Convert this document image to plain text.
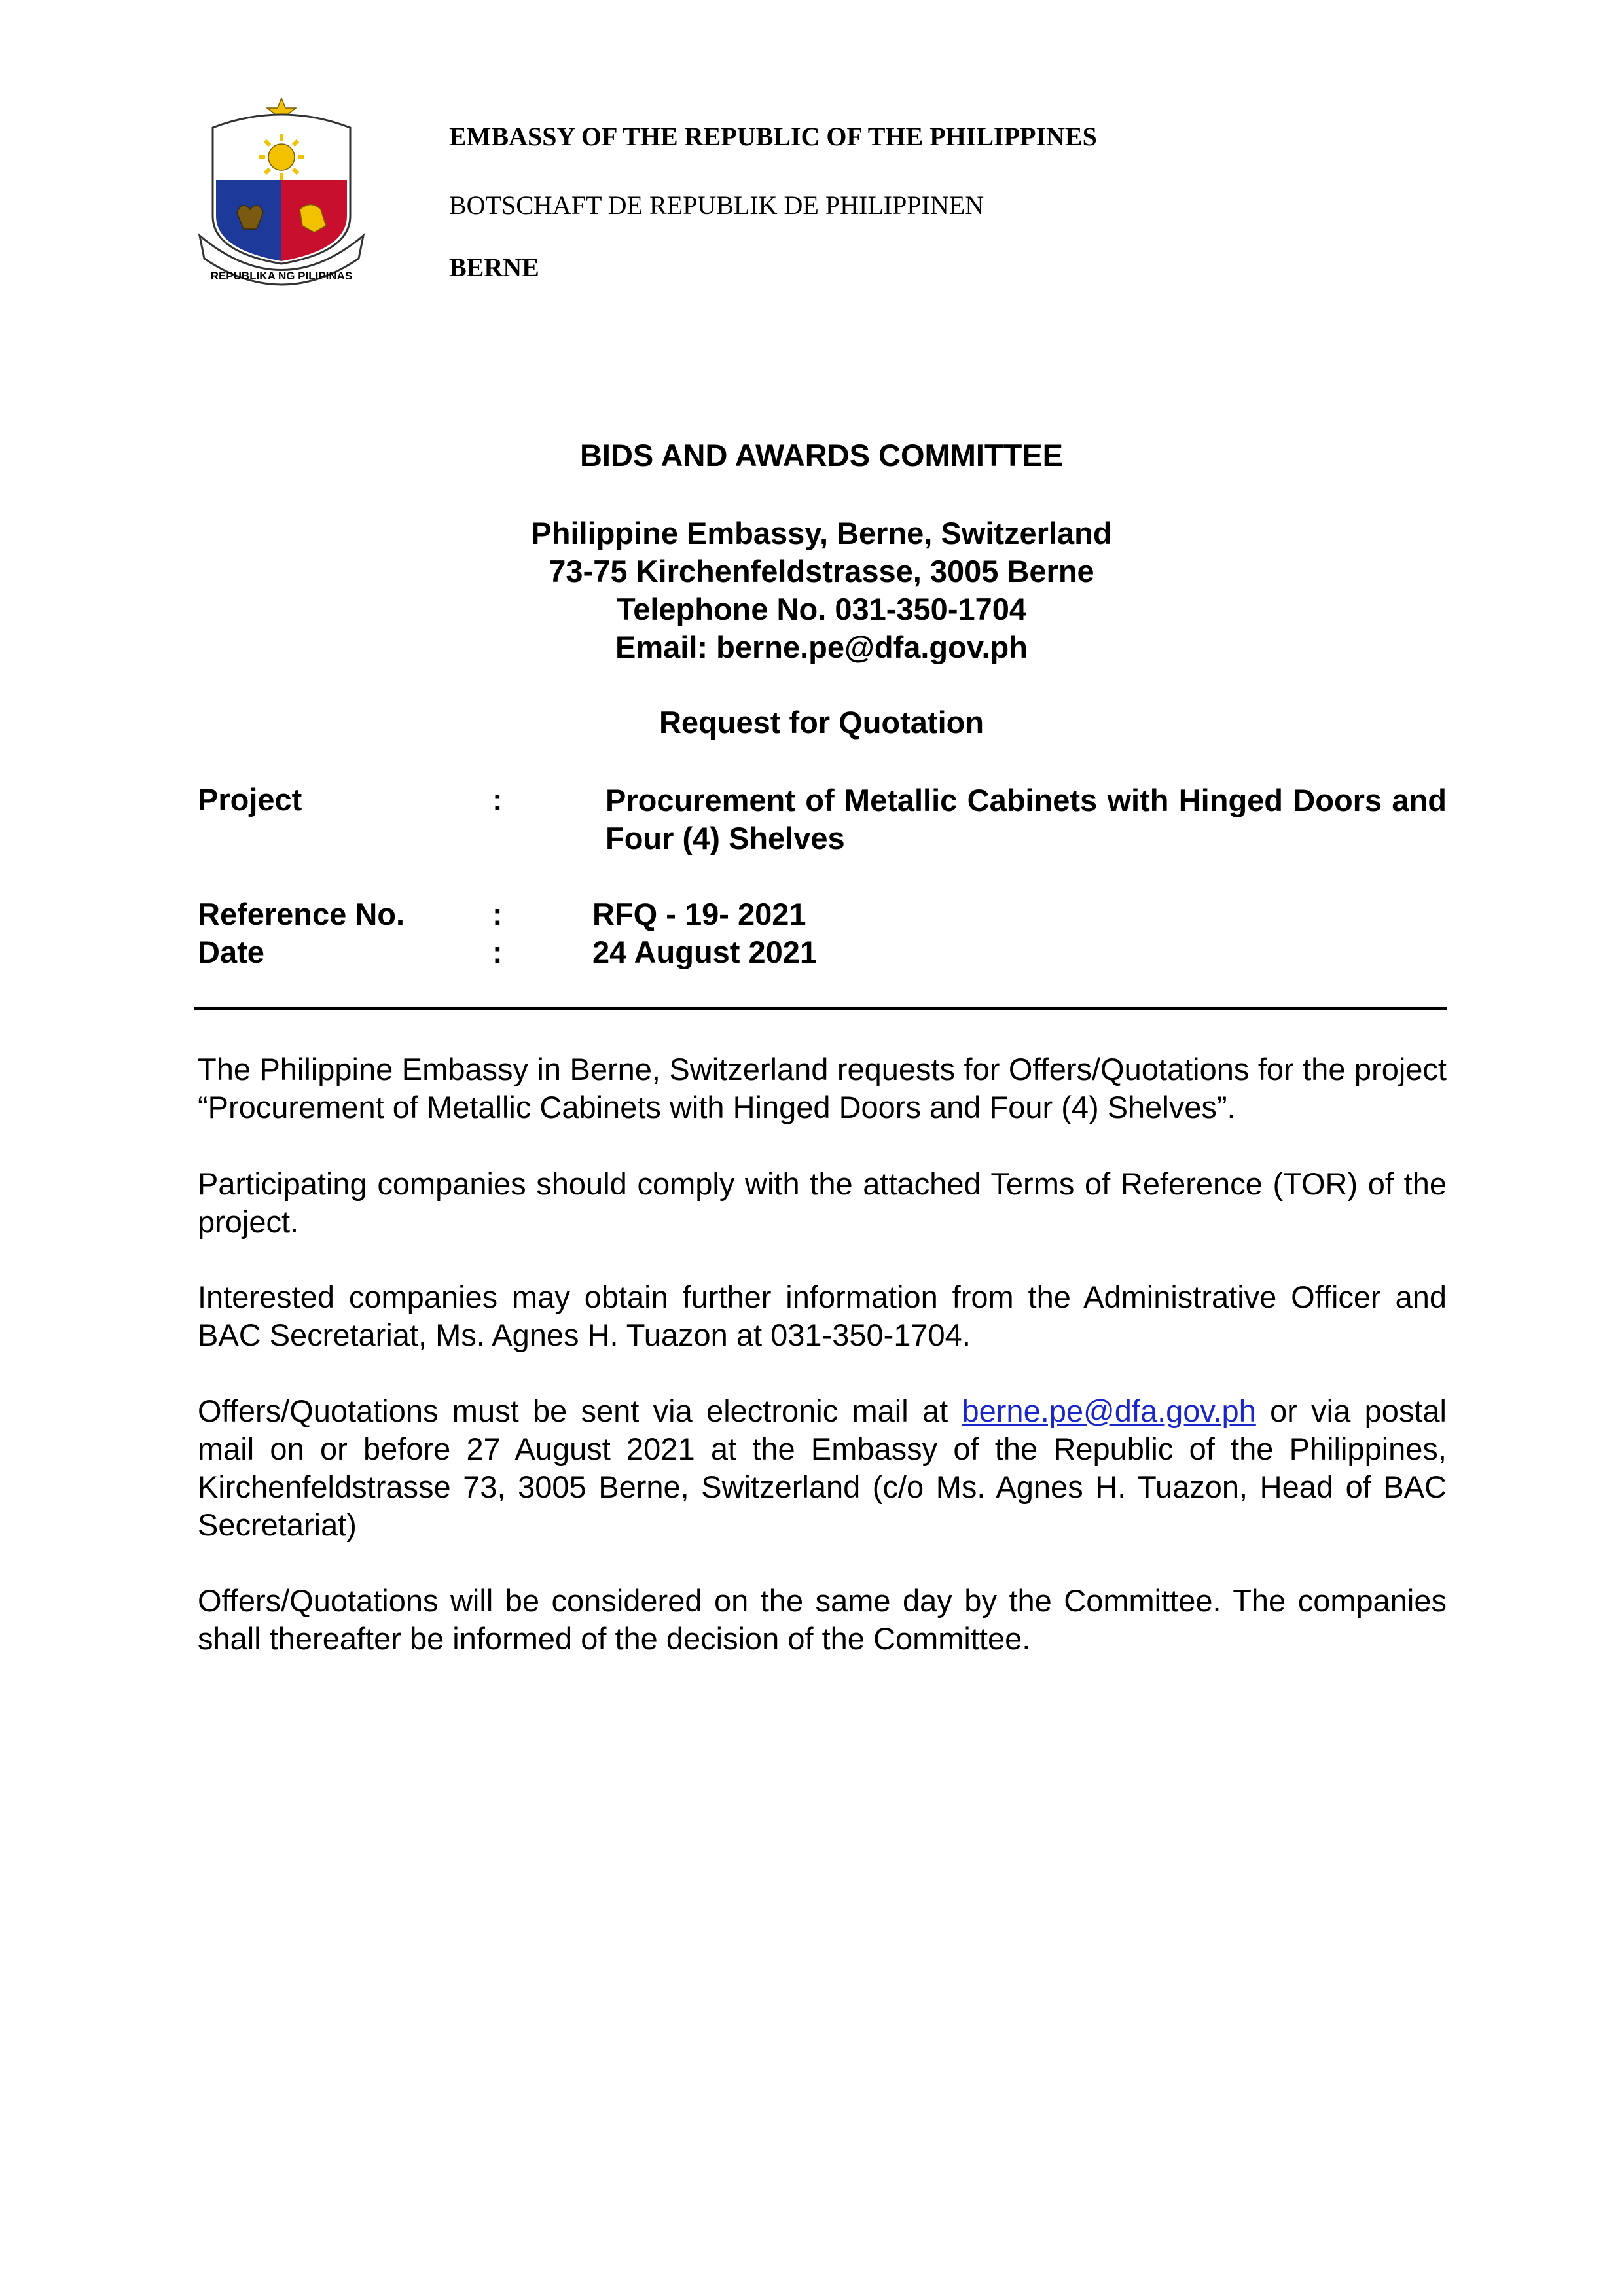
REPUBLIKA NG PILIPINAS
EMBASSY OF THE REPUBLIC OF THE PHILIPPINES
BOTSCHAFT DE REPUBLIK DE PHILIPPINEN
BERNE
BIDS AND AWARDS COMMITTEE
Philippine Embassy, Berne, Switzerland
73-75 Kirchenfeldstrasse, 3005 Berne
Telephone No. 031-350-1704
Email: berne.pe@dfa.gov.ph
Request for Quotation
Project	:	Procurement of Metallic Cabinets with Hinged Doors and Four (4) Shelves
Reference No.	:	RFQ - 19- 2021
Date	:	24 August 2021
The Philippine Embassy in Berne, Switzerland requests for Offers/Quotations for the project “Procurement of Metallic Cabinets with Hinged Doors and Four (4) Shelves”.
Participating companies should comply with the attached Terms of Reference (TOR) of the project.
Interested companies may obtain further information from the Administrative Officer and BAC Secretariat, Ms. Agnes H. Tuazon at 031-350-1704.
Offers/Quotations must be sent via electronic mail at berne.pe@dfa.gov.ph or via postal mail on or before 27 August 2021 at the Embassy of the Republic of the Philippines, Kirchenfeldstrasse 73, 3005 Berne, Switzerland (c/o Ms. Agnes H. Tuazon, Head of BAC Secretariat)
Offers/Quotations will be considered on the same day by the Committee. The companies shall thereafter be informed of the decision of the Committee.
